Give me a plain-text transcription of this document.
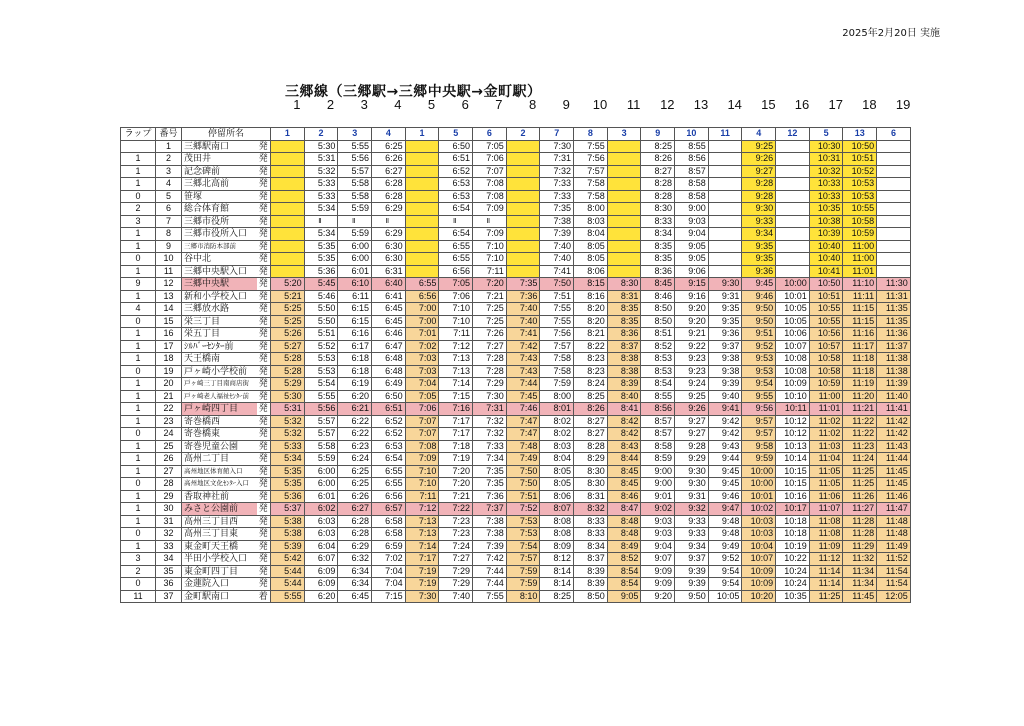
2025年2月20日 実施
三郷線（三郷駅→三郷中央駅→金町駅）
1 2 3 4 5 6 7 8 9 10 11 12 13 14 15 16 17 18 19
ラップ	番号	停留所名		1	2	3	4	1	5	6	2	7	8	3	9	10	11	4	12	5	13	6
	1	三郷駅南口	発		5:30	5:55	6:25		6:50	7:05		7:30	7:55		8:25	8:55		9:25		10:30	10:50	
1	2	茂田井	発		5:31	5:56	6:26		6:51	7:06		7:31	7:56		8:26	8:56		9:26		10:31	10:51	
1	3	記念碑前	発		5:32	5:57	6:27		6:52	7:07		7:32	7:57		8:27	8:57		9:27		10:32	10:52	
1	4	三郷北高前	発		5:33	5:58	6:28		6:53	7:08		7:33	7:58		8:28	8:58		9:28		10:33	10:53	
0	5	笹塚	発		5:33	5:58	6:28		6:53	7:08		7:33	7:58		8:28	8:58		9:28		10:33	10:53	
2	6	総合体育館	発		5:34	5:59	6:29		6:54	7:09		7:35	8:00		8:30	9:00		9:30		10:35	10:55	
3	7	三郷市役所	発		Ⅱ	Ⅱ	Ⅱ		Ⅱ	Ⅱ		7:38	8:03		8:33	9:03		9:33		10:38	10:58	
1	8	三郷市役所入口	発		5:34	5:59	6:29		6:54	7:09		7:39	8:04		8:34	9:04		9:34		10:39	10:59	
1	9	三郷市消防本部前	発		5:35	6:00	6:30		6:55	7:10		7:40	8:05		8:35	9:05		9:35		10:40	11:00	
0	10	谷中北	発		5:35	6:00	6:30		6:55	7:10		7:40	8:05		8:35	9:05		9:35		10:40	11:00	
1	11	三郷中央駅入口	発		5:36	6:01	6:31		6:56	7:11		7:41	8:06		8:36	9:06		9:36		10:41	11:01	
9	12	三郷中央駅	発	5:20	5:45	6:10	6:40	6:55	7:05	7:20	7:35	7:50	8:15	8:30	8:45	9:15	9:30	9:45	10:00	10:50	11:10	11:30
1	13	新和小学校入口	発	5:21	5:46	6:11	6:41	6:56	7:06	7:21	7:36	7:51	8:16	8:31	8:46	9:16	9:31	9:46	10:01	10:51	11:11	11:31
4	14	三郷放水路	発	5:25	5:50	6:15	6:45	7:00	7:10	7:25	7:40	7:55	8:20	8:35	8:50	9:20	9:35	9:50	10:05	10:55	11:15	11:35
0	15	栄三丁目	発	5:25	5:50	6:15	6:45	7:00	7:10	7:25	7:40	7:55	8:20	8:35	8:50	9:20	9:35	9:50	10:05	10:55	11:15	11:35
1	16	栄五丁目	発	5:26	5:51	6:16	6:46	7:01	7:11	7:26	7:41	7:56	8:21	8:36	8:51	9:21	9:36	9:51	10:06	10:56	11:16	11:36
1	17	ｼﾙﾊﾞｰｾﾝﾀｰ前	発	5:27	5:52	6:17	6:47	7:02	7:12	7:27	7:42	7:57	8:22	8:37	8:52	9:22	9:37	9:52	10:07	10:57	11:17	11:37
1	18	天王橋南	発	5:28	5:53	6:18	6:48	7:03	7:13	7:28	7:43	7:58	8:23	8:38	8:53	9:23	9:38	9:53	10:08	10:58	11:18	11:38
0	19	戸ヶ崎小学校前	発	5:28	5:53	6:18	6:48	7:03	7:13	7:28	7:43	7:58	8:23	8:38	8:53	9:23	9:38	9:53	10:08	10:58	11:18	11:38
1	20	戸ヶ崎三丁目南商店街	発	5:29	5:54	6:19	6:49	7:04	7:14	7:29	7:44	7:59	8:24	8:39	8:54	9:24	9:39	9:54	10:09	10:59	11:19	11:39
1	21	戸ヶ崎老人福祉ｾﾝﾀｰ前	発	5:30	5:55	6:20	6:50	7:05	7:15	7:30	7:45	8:00	8:25	8:40	8:55	9:25	9:40	9:55	10:10	11:00	11:20	11:40
1	22	戸ヶ崎四丁目	発	5:31	5:56	6:21	6:51	7:06	7:16	7:31	7:46	8:01	8:26	8:41	8:56	9:26	9:41	9:56	10:11	11:01	11:21	11:41
1	23	寄巻橋西	発	5:32	5:57	6:22	6:52	7:07	7:17	7:32	7:47	8:02	8:27	8:42	8:57	9:27	9:42	9:57	10:12	11:02	11:22	11:42
0	24	寄巻橋東	発	5:32	5:57	6:22	6:52	7:07	7:17	7:32	7:47	8:02	8:27	8:42	8:57	9:27	9:42	9:57	10:12	11:02	11:22	11:42
1	25	寄巻児童公園	発	5:33	5:58	6:23	6:53	7:08	7:18	7:33	7:48	8:03	8:28	8:43	8:58	9:28	9:43	9:58	10:13	11:03	11:23	11:43
1	26	高州二丁目	発	5:34	5:59	6:24	6:54	7:09	7:19	7:34	7:49	8:04	8:29	8:44	8:59	9:29	9:44	9:59	10:14	11:04	11:24	11:44
1	27	高州地区体育館入口	発	5:35	6:00	6:25	6:55	7:10	7:20	7:35	7:50	8:05	8:30	8:45	9:00	9:30	9:45	10:00	10:15	11:05	11:25	11:45
0	28	高州地区文化ｾﾝﾀｰ入口	発	5:35	6:00	6:25	6:55	7:10	7:20	7:35	7:50	8:05	8:30	8:45	9:00	9:30	9:45	10:00	10:15	11:05	11:25	11:45
1	29	香取神社前	発	5:36	6:01	6:26	6:56	7:11	7:21	7:36	7:51	8:06	8:31	8:46	9:01	9:31	9:46	10:01	10:16	11:06	11:26	11:46
1	30	みさと公園前	発	5:37	6:02	6:27	6:57	7:12	7:22	7:37	7:52	8:07	8:32	8:47	9:02	9:32	9:47	10:02	10:17	11:07	11:27	11:47
1	31	高州三丁目西	発	5:38	6:03	6:28	6:58	7:13	7:23	7:38	7:53	8:08	8:33	8:48	9:03	9:33	9:48	10:03	10:18	11:08	11:28	11:48
0	32	高州三丁目東	発	5:38	6:03	6:28	6:58	7:13	7:23	7:38	7:53	8:08	8:33	8:48	9:03	9:33	9:48	10:03	10:18	11:08	11:28	11:48
1	33	東金町天王橋	発	5:39	6:04	6:29	6:59	7:14	7:24	7:39	7:54	8:09	8:34	8:49	9:04	9:34	9:49	10:04	10:19	11:09	11:29	11:49
3	34	半田小学校入口	発	5:42	6:07	6:32	7:02	7:17	7:27	7:42	7:57	8:12	8:37	8:52	9:07	9:37	9:52	10:07	10:22	11:12	11:32	11:52
2	35	東金町四丁目	発	5:44	6:09	6:34	7:04	7:19	7:29	7:44	7:59	8:14	8:39	8:54	9:09	9:39	9:54	10:09	10:24	11:14	11:34	11:54
0	36	金蓮院入口	発	5:44	6:09	6:34	7:04	7:19	7:29	7:44	7:59	8:14	8:39	8:54	9:09	9:39	9:54	10:09	10:24	11:14	11:34	11:54
11	37	金町駅南口	着	5:55	6:20	6:45	7:15	7:30	7:40	7:55	8:10	8:25	8:50	9:05	9:20	9:50	10:05	10:20	10:35	11:25	11:45	12:05
